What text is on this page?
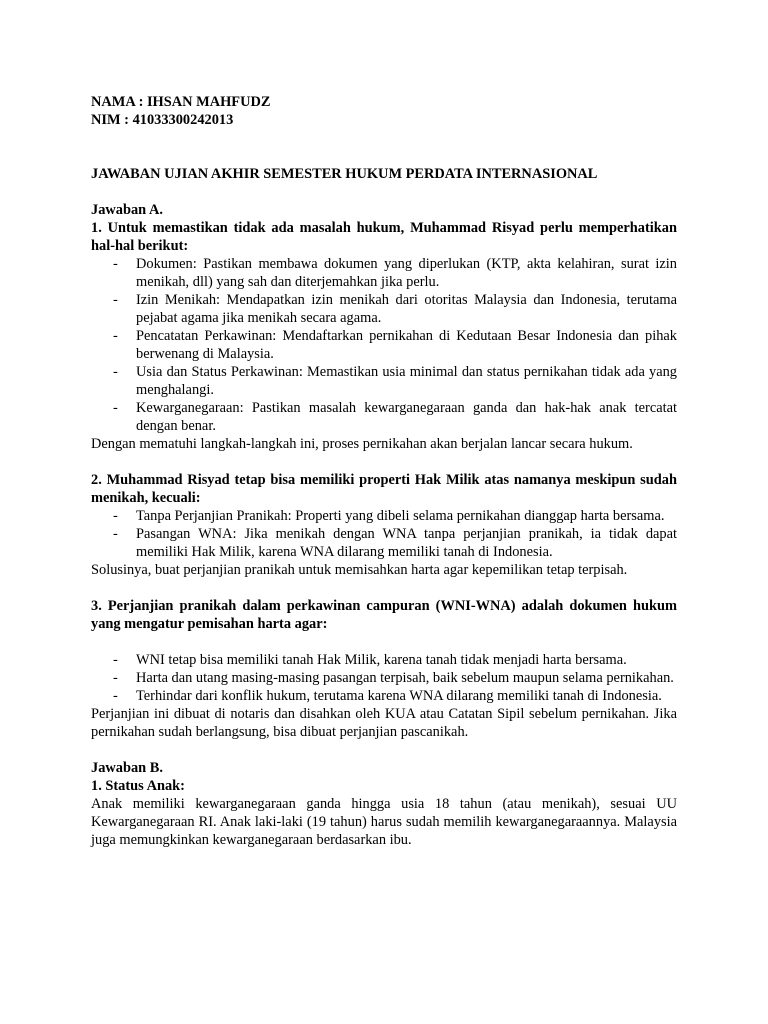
NAMA : IHSAN MAHFUDZ

NIM : 41033300242013

JAWABAN UJIAN AKHIR SEMESTER HUKUM PERDATA INTERNASIONAL

Jawaban A.

1. Untuk memastikan tidak ada masalah hukum, Muhammad Risyad perlu memperhatikan hal-hal berikut:

- Dokumen: Pastikan membawa dokumen yang diperlukan (KTP, akta kelahiran, surat izin menikah, dll) yang sah dan diterjemahkan jika perlu.
- Izin Menikah: Mendapatkan izin menikah dari otoritas Malaysia dan Indonesia, terutama pejabat agama jika menikah secara agama.
- Pencatatan Perkawinan: Mendaftarkan pernikahan di Kedutaan Besar Indonesia dan pihak berwenang di Malaysia.
- Usia dan Status Perkawinan: Memastikan usia minimal dan status pernikahan tidak ada yang menghalangi.
- Kewarganegaraan: Pastikan masalah kewarganegaraan ganda dan hak-hak anak tercatat dengan benar.

Dengan mematuhi langkah-langkah ini, proses pernikahan akan berjalan lancar secara hukum.

2. Muhammad Risyad tetap bisa memiliki properti Hak Milik atas namanya meskipun sudah menikah, kecuali:

- Tanpa Perjanjian Pranikah: Properti yang dibeli selama pernikahan dianggap harta bersama.
- Pasangan WNA: Jika menikah dengan WNA tanpa perjanjian pranikah, ia tidak dapat memiliki Hak Milik, karena WNA dilarang memiliki tanah di Indonesia.

Solusinya, buat perjanjian pranikah untuk memisahkan harta agar kepemilikan tetap terpisah.

3. Perjanjian pranikah dalam perkawinan campuran (WNI-WNA) adalah dokumen hukum yang mengatur pemisahan harta agar:

- WNI tetap bisa memiliki tanah Hak Milik, karena tanah tidak menjadi harta bersama.
- Harta dan utang masing-masing pasangan terpisah, baik sebelum maupun selama pernikahan.
- Terhindar dari konflik hukum, terutama karena WNA dilarang memiliki tanah di Indonesia.

Perjanjian ini dibuat di notaris dan disahkan oleh KUA atau Catatan Sipil sebelum pernikahan. Jika pernikahan sudah berlangsung, bisa dibuat perjanjian pascanikah.

Jawaban B.

1. Status Anak:

Anak memiliki kewarganegaraan ganda hingga usia 18 tahun (atau menikah), sesuai UU Kewarganegaraan RI. Anak laki-laki (19 tahun) harus sudah memilih kewarganegaraannya. Malaysia juga memungkinkan kewarganegaraan berdasarkan ibu.
